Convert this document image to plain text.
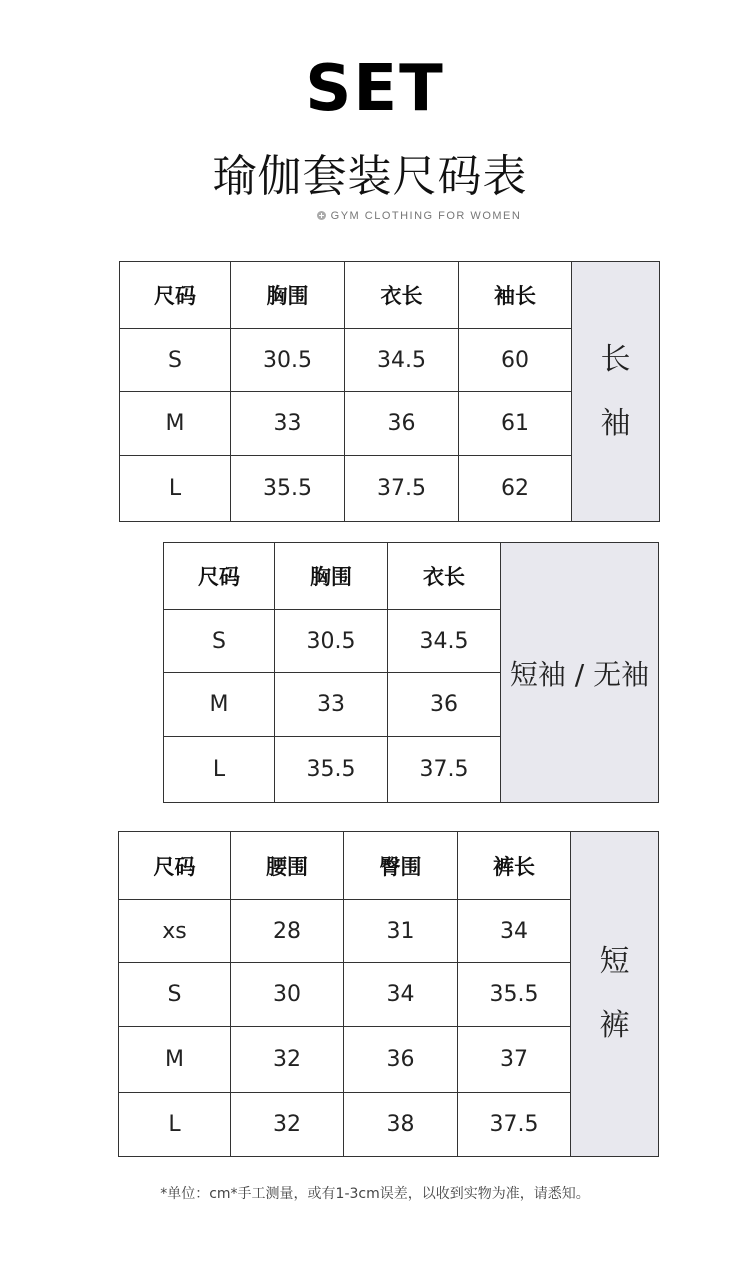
SET
瑜伽套装尺码表
GYM CLOTHING FOR WOMEN
尺码	胸围	衣长	袖长	长
袖

S	30.5	34.5	60	
M	33	36	61	
L	35.5	37.5	62	
尺码	胸围	衣长	短袖 / 无袖
S	30.5	34.5	
M	33	36	
L	35.5	37.5	
尺码	腰围	臀围	裤长	短
裤

xs	28	31	34	
S	30	34	35.5	
M	32	36	37	
L	32	38	37.5	
*单位：cm*手工测量，或有1-3cm误差，以收到实物为准，请悉知。
